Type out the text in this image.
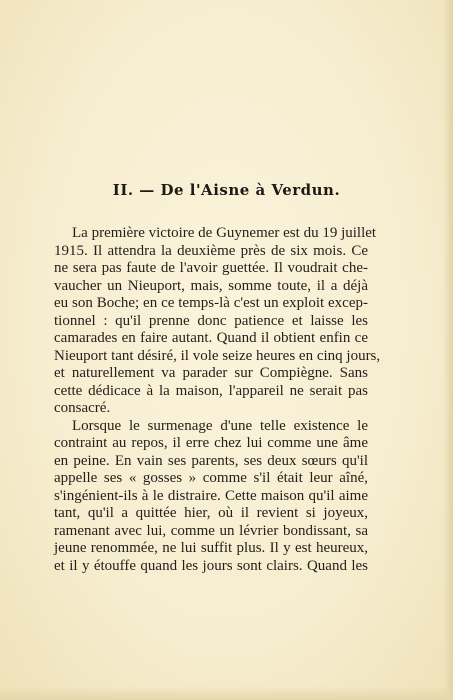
II. — De l'Aisne à Verdun.
La première victoire de Guynemer est du 19 juillet
1915. Il attendra la deuxième près de six mois. Ce
ne sera pas faute de l'avoir guettée. Il voudrait che-
vaucher un Nieuport, mais, somme toute, il a déjà
eu son Boche; en ce temps-là c'est un exploit excep-
tionnel : qu'il prenne donc patience et laisse les
camarades en faire autant. Quand il obtient enfin ce
Nieuport tant désiré, il vole seize heures en cinq jours,
et naturellement va parader sur Compiègne. Sans
cette dédicace à la maison, l'appareil ne serait pas
consacré.
Lorsque le surmenage d'une telle existence le
contraint au repos, il erre chez lui comme une âme
en peine. En vain ses parents, ses deux sœurs qu'il
appelle ses « gosses » comme s'il était leur aîné,
s'ingénient-ils à le distraire. Cette maison qu'il aime
tant, qu'il a quittée hier, où il revient si joyeux,
ramenant avec lui, comme un lévrier bondissant, sa
jeune renommée, ne lui suffit plus. Il y est heureux,
et il y étouffe quand les jours sont clairs. Quand les
